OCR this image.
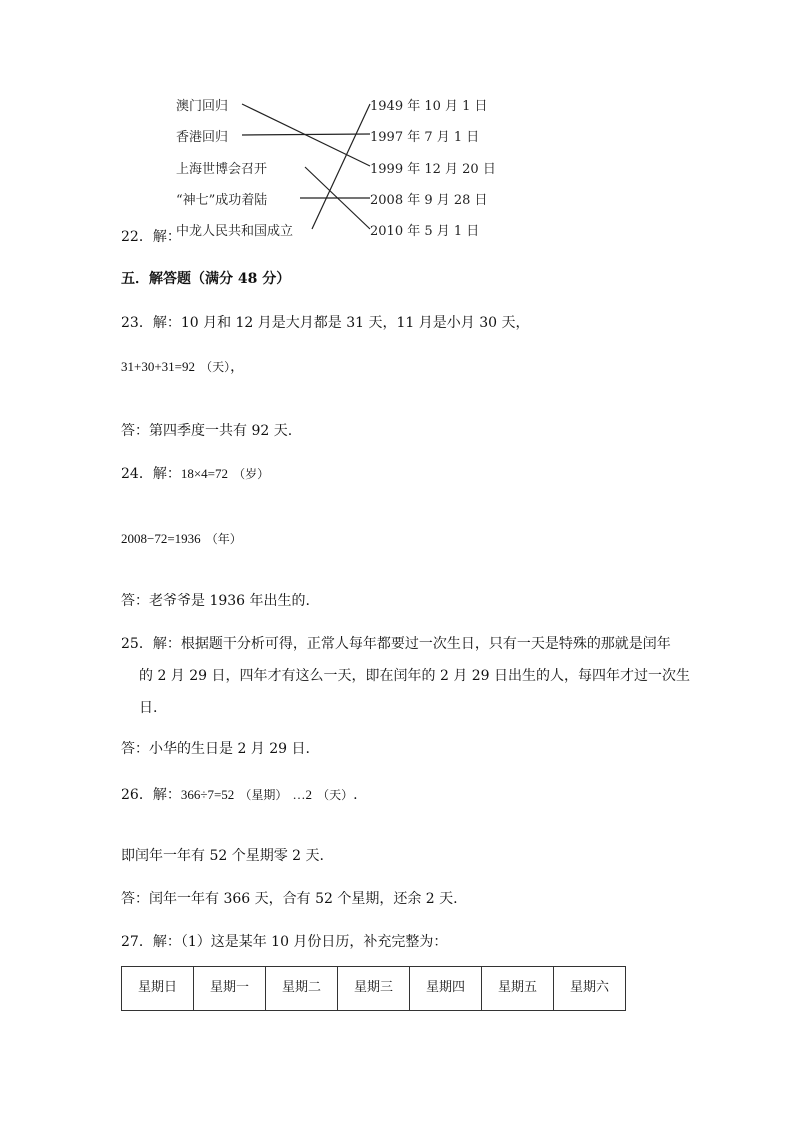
澳门回归
香港回归
上海世博会召开
“神七”成功着陆
中龙人民共和国成立
1949 年 10 月 1 日
1997 年 7 月 1 日
1999 年 12 月 20 日
2008 年 9 月 28 日
2010 年 5 月 1 日
22．解：
五．解答题（满分 48 分）
23．解：10 月和 12 月是大月都是 31 天，11 月是小月 30 天，
31+30+31=92 （天），
答：第四季度一共有 92 天.
24．解：18×4=72 （岁）
2008−72=1936 （年）
答：老爷爷是 1936 年出生的.
25．解：根据题干分析可得，正常人每年都要过一次生日，只有一天是特殊的那就是闰年
的 2 月 29 日，四年才有这么一天，即在闰年的 2 月 29 日出生的人，每四年才过一次生
日.
答：小华的生日是 2 月 29 日.
26．解：366÷7=52 （星期） …2 （天）.
即闰年一年有 52 个星期零 2 天.
答：闰年一年有 366 天，合有 52 个星期，还余 2 天.
27．解：（1）这是某年 10 月份日历，补充完整为：
星期日	星期一	星期二	星期三	星期四	星期五	星期六
